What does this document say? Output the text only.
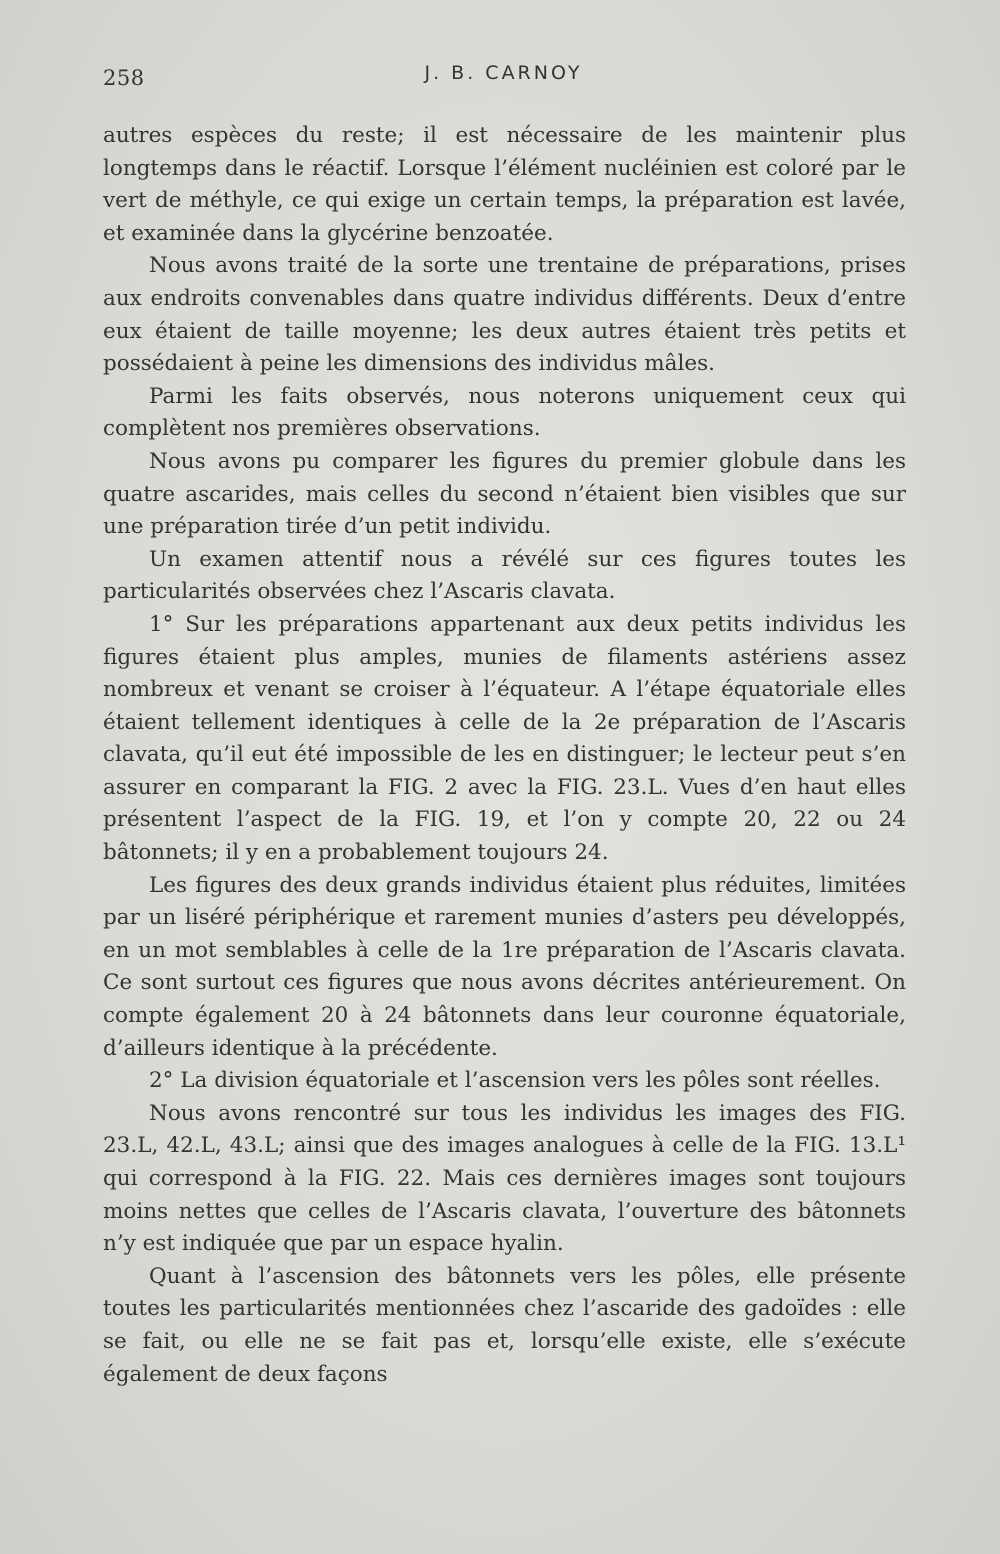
258	J. B. CARNOY

autres espèces du reste; il est nécessaire de les maintenir plus longtemps dans le réactif. Lorsque l’élément nucléinien est coloré par le vert de méthyle, ce qui exige un certain temps, la préparation est lavée, et examinée dans la glycérine benzoatée.

Nous avons traité de la sorte une trentaine de préparations, prises aux endroits convenables dans quatre individus différents. Deux d’entre eux étaient de taille moyenne; les deux autres étaient très petits et possédaient à peine les dimensions des individus mâles.

Parmi les faits observés, nous noterons uniquement ceux qui complètent nos premières observations.

Nous avons pu comparer les figures du premier globule dans les quatre ascarides, mais celles du second n’étaient bien visibles que sur une préparation tirée d’un petit individu.

Un examen attentif nous a révélé sur ces figures toutes les particularités observées chez l’Ascaris clavata.

1° Sur les préparations appartenant aux deux petits individus les figures étaient plus amples, munies de filaments astériens assez nombreux et venant se croiser à l’équateur. A l’étape équatoriale elles étaient tellement identiques à celle de la 2e préparation de l’Ascaris clavata, qu’il eut été impossible de les en distinguer; le lecteur peut s’en assurer en comparant la FIG. 2 avec la FIG. 23.L. Vues d’en haut elles présentent l’aspect de la FIG. 19, et l’on y compte 20, 22 ou 24 bâtonnets; il y en a probablement toujours 24.

Les figures des deux grands individus étaient plus réduites, limitées par un liséré périphérique et rarement munies d’asters peu développés, en un mot semblables à celle de la 1re préparation de l’Ascaris clavata. Ce sont surtout ces figures que nous avons décrites antérieurement. On compte également 20 à 24 bâtonnets dans leur couronne équatoriale, d’ailleurs identique à la précédente.

2° La division équatoriale et l’ascension vers les pôles sont réelles.

Nous avons rencontré sur tous les individus les images des FIG. 23.L, 42.L, 43.L; ainsi que des images analogues à celle de la FIG. 13.L¹ qui correspond à la FIG. 22. Mais ces dernières images sont toujours moins nettes que celles de l’Ascaris clavata, l’ouverture des bâtonnets n’y est indiquée que par un espace hyalin.

Quant à l’ascension des bâtonnets vers les pôles, elle présente toutes les particularités mentionnées chez l’ascaride des gadoïdes : elle se fait, ou elle ne se fait pas et, lorsqu’elle existe, elle s’exécute également de deux façons
